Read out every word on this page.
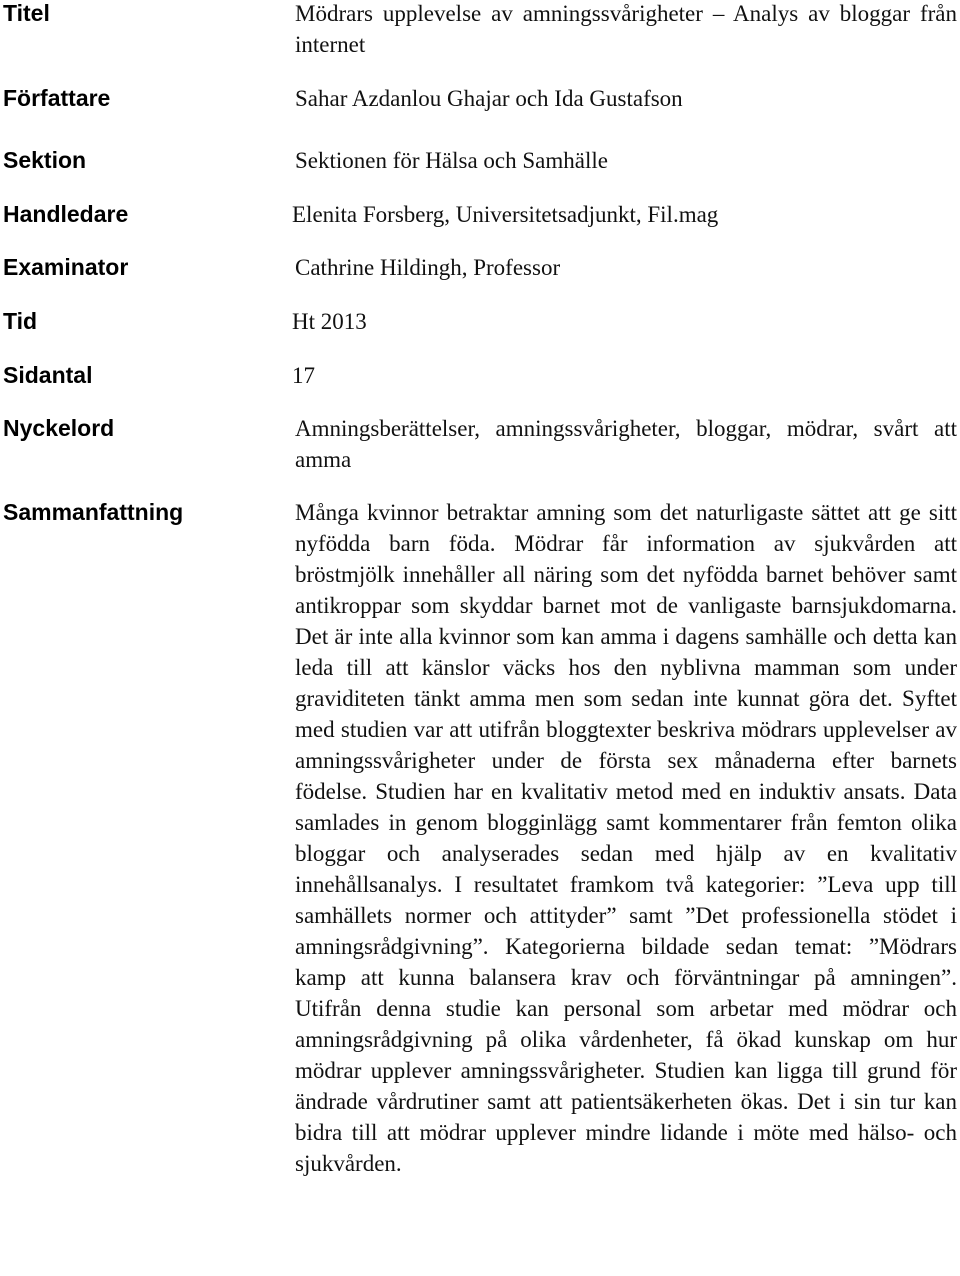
Titel	Mödrars upplevelse av amningssvårigheter – Analys av bloggar från internet
Författare	Sahar Azdanlou Ghajar och Ida Gustafson
Sektion	Sektionen för Hälsa och Samhälle
Handledare	Elenita Forsberg, Universitetsadjunkt, Fil.mag
Examinator	Cathrine Hildingh, Professor
Tid	Ht 2013
Sidantal	17
Nyckelord	Amningsberättelser, amningssvårigheter, bloggar, mödrar, svårt att amma
Sammanfattning	Många kvinnor betraktar amning som det naturligaste sättet att ge sitt nyfödda barn föda. Mödrar får information av sjukvården att bröstmjölk innehåller all näring som det nyfödda barnet behöver samt antikroppar som skyddar barnet mot de vanligaste barnsjukdomarna. Det är inte alla kvinnor som kan amma i dagens samhälle och detta kan leda till att känslor väcks hos den nyblivna mamman som under graviditeten tänkt amma men som sedan inte kunnat göra det. Syftet med studien var att utifrån bloggtexter beskriva mödrars upplevelser av amningssvårigheter under de första sex månaderna efter barnets födelse. Studien har en kvalitativ metod med en induktiv ansats. Data samlades in genom blogginlägg samt kommentarer från femton olika bloggar och analyserades sedan med hjälp av en kvalitativ innehållsanalys. I resultatet framkom två kategorier: ”Leva upp till samhällets normer och attityder” samt ”Det professionella stödet i amningsrådgivning”. Kategorierna bildade sedan temat: ”Mödrars kamp att kunna balansera krav och förväntningar på amningen”. Utifrån denna studie kan personal som arbetar med mödrar och amningsrådgivning på olika vårdenheter, få ökad kunskap om hur mödrar upplever amningssvårigheter. Studien kan ligga till grund för ändrade vårdrutiner samt att patientsäkerheten ökas. Det i sin tur kan bidra till att mödrar upplever mindre lidande i möte med hälso- och sjukvården.
